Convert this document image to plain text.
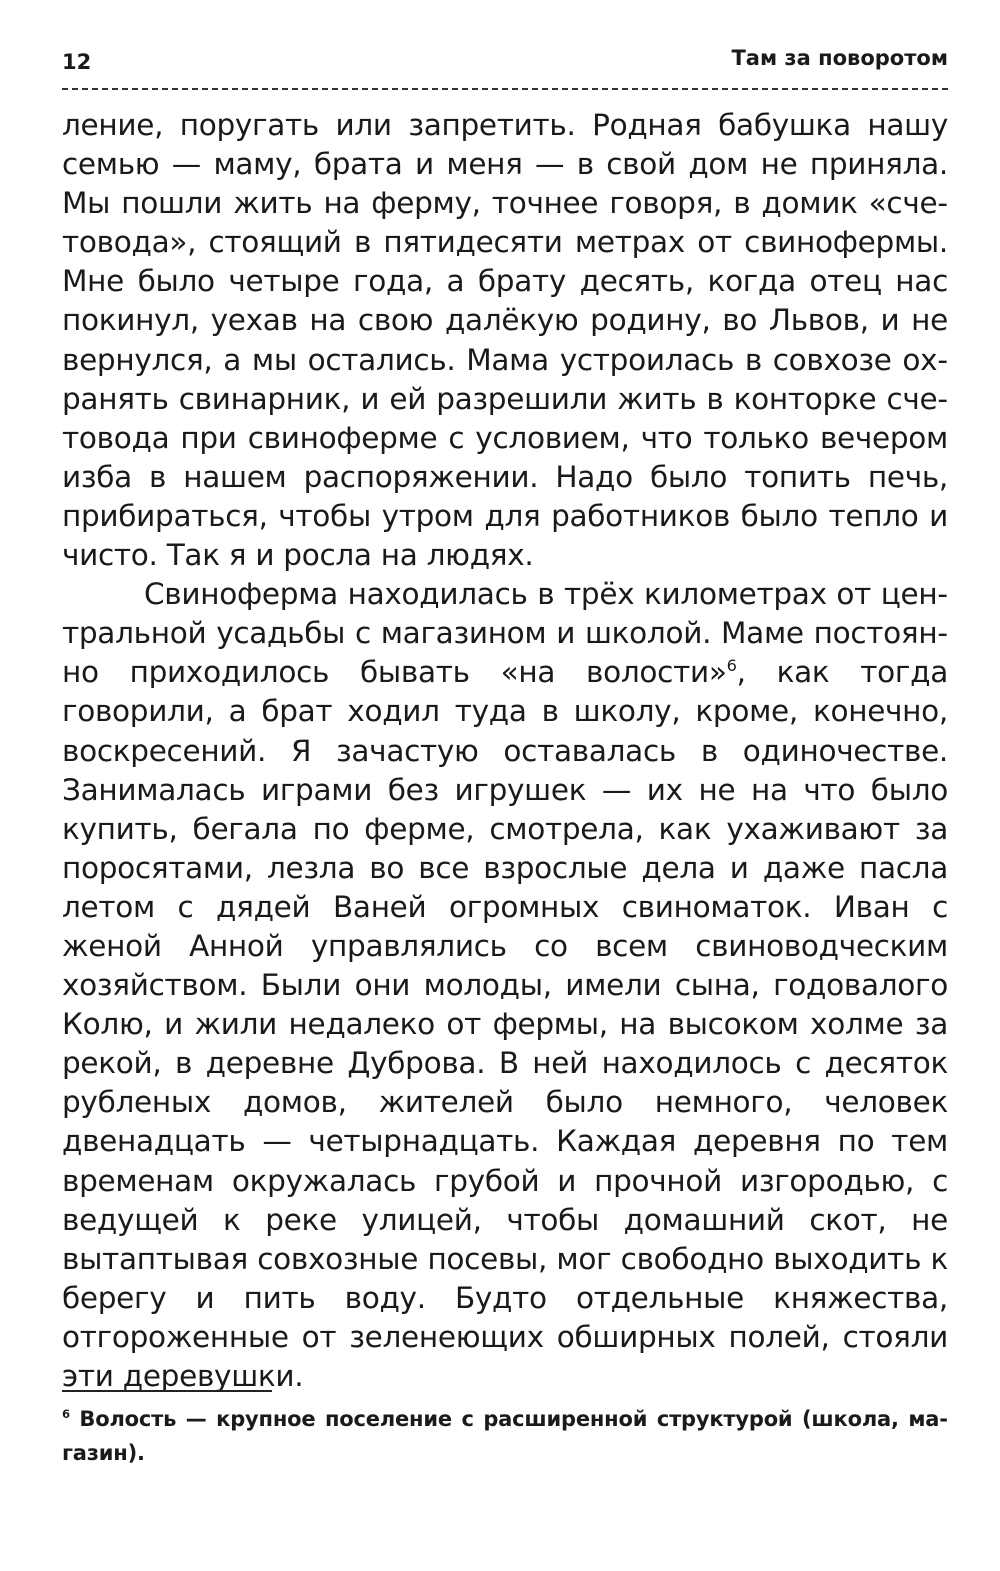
12	Там за поворотом

ление, поругать или запретить. Родная бабушка нашу семью — маму, брата и меня — в свой дом не приняла. Мы пошли жить на ферму, точнее говоря, в домик «счетовода», стоящий в пятидесяти метрах от свинофермы. Мне было четыре года, а брату десять, когда отец нас покинул, уехав на свою далёкую родину, во Львов, и не вернулся, а мы остались. Мама устроилась в совхозе охранять свинарник, и ей разрешили жить в конторке счетовода при свиноферме с условием, что только вечером изба в нашем распоряжении. Надо было топить печь, прибираться, чтобы утром для работников было тепло и чисто. Так я и росла на людях.

Свиноферма находилась в трёх километрах от центральной усадьбы с магазином и школой. Маме постоянно приходилось бывать «на волости»$^6$, как тогда говорили, а брат ходил туда в школу, кроме, конечно, воскресений. Я зачастую оставалась в одиночестве. Занималась играми без игрушек — их не на что было купить, бегала по ферме, смотрела, как ухаживают за поросятами, лезла во все взрослые дела и даже пасла летом с дядей Ваней огромных свиноматок. Иван с женой Анной управлялись со всем свиноводческим хозяйством. Были они молоды, имели сына, годовалого Колю, и жили недалеко от фермы, на высоком холме за рекой, в деревне Дуброва. В ней находилось с десяток рубленых домов, жителей было немного, человек двенадцать — четырнадцать. Каждая деревня по тем временам окружалась грубой и прочной изгородью, с ведущей к реке улицей, чтобы домашний скот, не вытаптывая совхозные посевы, мог свободно выходить к берегу и пить воду. Будто отдельные княжества, отгороженные от зеленеющих обширных полей, стояли эти деревушки.

$^6$ Волость — крупное поселение с расширенной структурой (школа, магазин).
